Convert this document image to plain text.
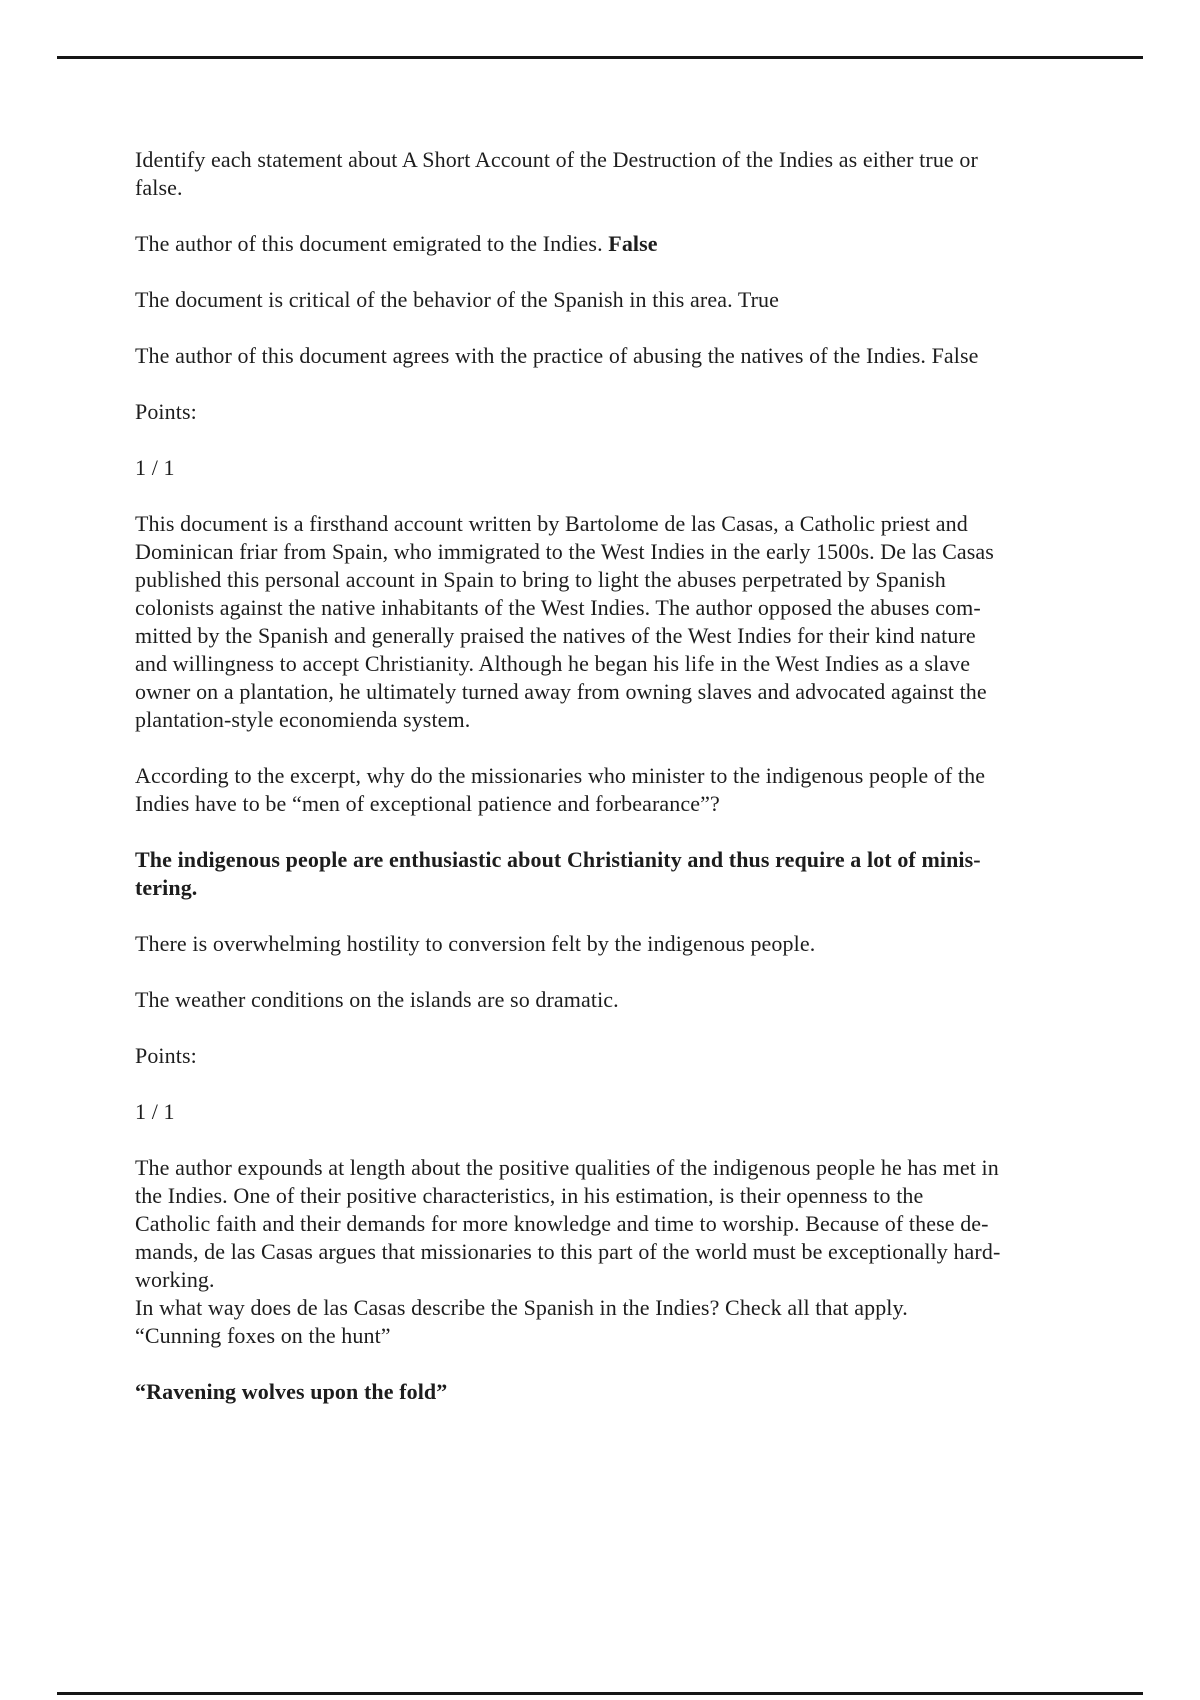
Identify each statement about A Short Account of the Destruction of the Indies as either true or
false.
The author of this document emigrated to the Indies. False
The document is critical of the behavior of the Spanish in this area. True
The author of this document agrees with the practice of abusing the natives of the Indies. False
Points:
1 / 1
This document is a firsthand account written by Bartolome de las Casas, a Catholic priest and
Dominican friar from Spain, who immigrated to the West Indies in the early 1500s. De las Casas
published this personal account in Spain to bring to light the abuses perpetrated by Spanish
colonists against the native inhabitants of the West Indies. The author opposed the abuses com-
mitted by the Spanish and generally praised the natives of the West Indies for their kind nature
and willingness to accept Christianity. Although he began his life in the West Indies as a slave
owner on a plantation, he ultimately turned away from owning slaves and advocated against the
plantation-style economienda system.
According to the excerpt, why do the missionaries who minister to the indigenous people of the
Indies have to be “men of exceptional patience and forbearance”?
The indigenous people are enthusiastic about Christianity and thus require a lot of minis-
tering.
There is overwhelming hostility to conversion felt by the indigenous people.
The weather conditions on the islands are so dramatic.
Points:
1 / 1
The author expounds at length about the positive qualities of the indigenous people he has met in
the Indies. One of their positive characteristics, in his estimation, is their openness to the
Catholic faith and their demands for more knowledge and time to worship. Because of these de-
mands, de las Casas argues that missionaries to this part of the world must be exceptionally hard-
working.
In what way does de las Casas describe the Spanish in the Indies? Check all that apply.
“Cunning foxes on the hunt”
“Ravening wolves upon the fold”
